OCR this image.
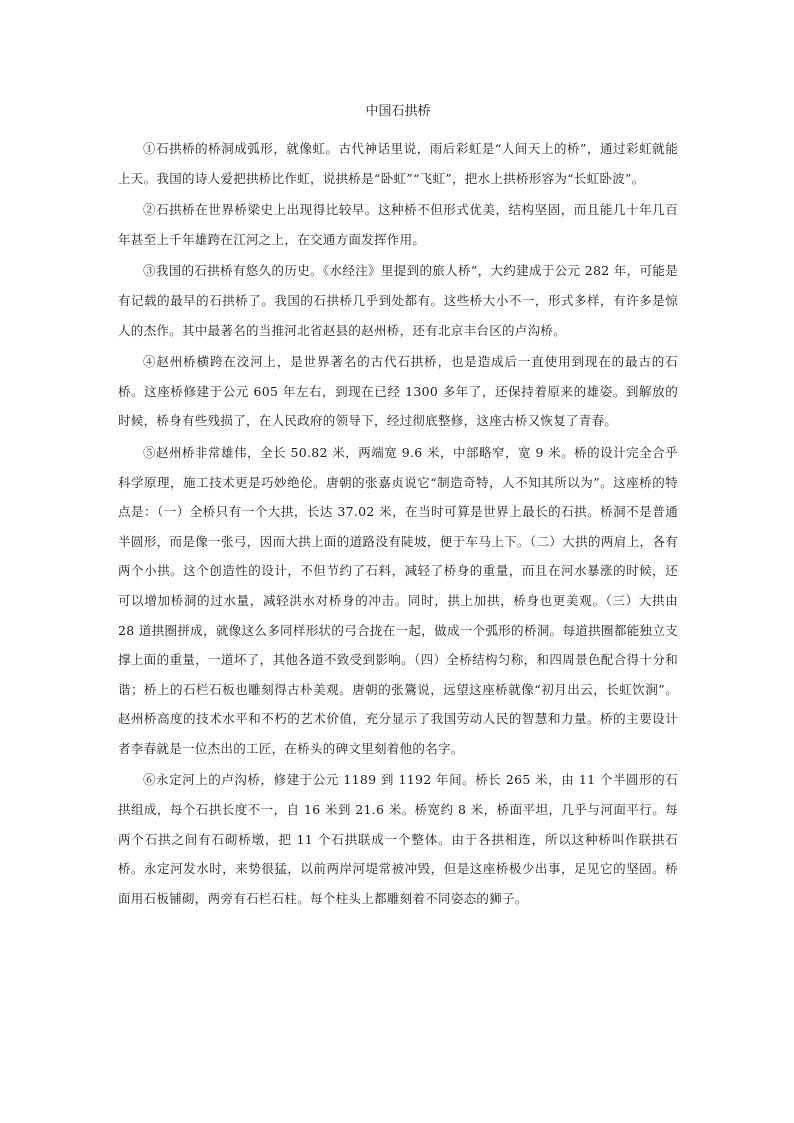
中国石拱桥

①石拱桥的桥洞成弧形，就像虹。古代神话里说，雨后彩虹是“人间天上的桥”，通过彩虹就能上天。我国的诗人爱把拱桥比作虹，说拱桥是“卧虹”“飞虹”，把水上拱桥形容为“长虹卧波”。

②石拱桥在世界桥梁史上出现得比较早。这种桥不但形式优美，结构坚固，而且能几十年几百年甚至上千年雄跨在江河之上，在交通方面发挥作用。

③我国的石拱桥有悠久的历史。《水经注》里提到的旅人桥”，大约建成于公元 282 年，可能是有记载的最早的石拱桥了。我国的石拱桥几乎到处都有。这些桥大小不一，形式多样，有许多是惊人的杰作。其中最著名的当推河北省赵县的赵州桥，还有北京丰台区的卢沟桥。

④赵州桥横跨在洨河上，是世界著名的古代石拱桥，也是造成后一直使用到现在的最古的石桥。这座桥修建于公元 605 年左右，到现在已经 1300 多年了，还保持着原来的雄姿。到解放的时候，桥身有些残损了，在人民政府的领导下，经过彻底整修，这座古桥又恢复了青春。

⑤赵州桥非常雄伟，全长 50.82 米，两端宽 9.6 米，中部略窄，宽 9 米。桥的设计完全合乎科学原理，施工技术更是巧妙绝伦。唐朝的张嘉贞说它“制造奇特，人不知其所以为”。这座桥的特点是：（一）全桥只有一个大拱，长达 37.02 米，在当时可算是世界上最长的石拱。桥洞不是普通半圆形，而是像一张弓，因而大拱上面的道路没有陡坡，便于车马上下。（二）大拱的两肩上，各有两个小拱。这个创造性的设计，不但节约了石料，减轻了桥身的重量，而且在河水暴涨的时候，还可以增加桥洞的过水量，减轻洪水对桥身的冲击。同时，拱上加拱，桥身也更美观。（三）大拱由 28 道拱圈拼成，就像这么多同样形状的弓合拢在一起，做成一个弧形的桥洞。每道拱圈都能独立支撑上面的重量，一道坏了，其他各道不致受到影响。（四）全桥结构匀称，和四周景色配合得十分和谐；桥上的石栏石板也雕刻得古朴美观。唐朝的张鷟说，远望这座桥就像“初月出云，长虹饮涧”。赵州桥高度的技术水平和不朽的艺术价值，充分显示了我国劳动人民的智慧和力量。桥的主要设计者李春就是一位杰出的工匠，在桥头的碑文里刻着他的名字。

⑥永定河上的卢沟桥，修建于公元 1189 到 1192 年间。桥长 265 米，由 11 个半圆形的石拱组成，每个石拱长度不一，自 16 米到 21.6 米。桥宽约 8 米，桥面平坦，几乎与河面平行。每两个石拱之间有石砌桥墩，把 11 个石拱联成一个整体。由于各拱相连，所以这种桥叫作联拱石桥。永定河发水时，来势很猛，以前两岸河堤常被冲毁，但是这座桥极少出事，足见它的坚固。桥面用石板铺砌，两旁有石栏石柱。每个柱头上都雕刻着不同姿态的狮子。
